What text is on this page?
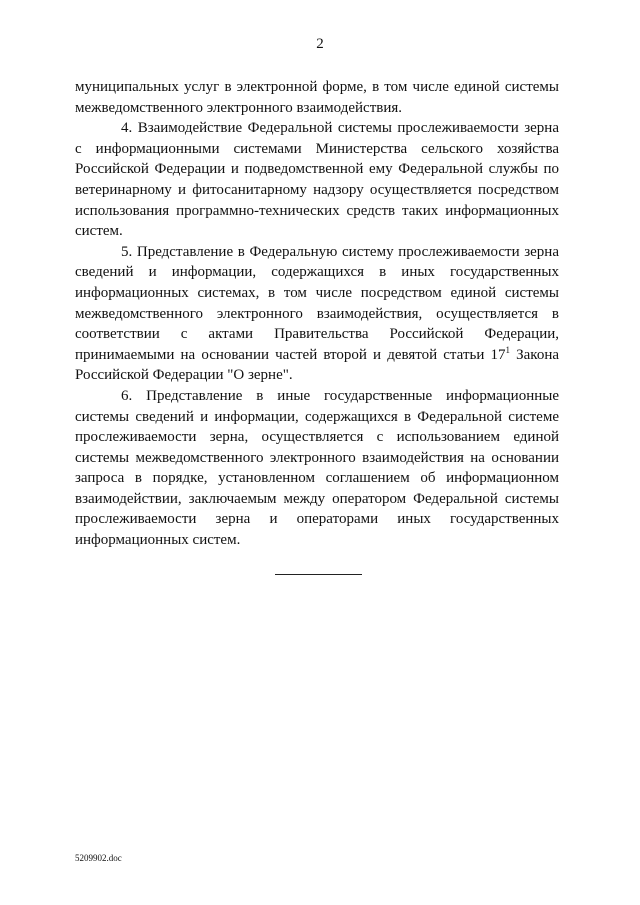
2

муниципальных услуг в электронной форме, в том числе единой системы межведомственного электронного взаимодействия.

4. Взаимодействие Федеральной системы прослеживаемости зерна с информационными системами Министерства сельского хозяйства Российской Федерации и подведомственной ему Федеральной службы по ветеринарному и фитосанитарному надзору осуществляется посредством использования программно-технических средств таких информационных систем.

5. Представление в Федеральную систему прослеживаемости зерна сведений и информации, содержащихся в иных государственных информационных системах, в том числе посредством единой системы межведомственного электронного взаимодействия, осуществляется в соответствии с актами Правительства Российской Федерации, принимаемыми на основании частей второй и девятой статьи $17^1$ Закона Российской Федерации "О зерне".

6. Представление в иные государственные информационные системы сведений и информации, содержащихся в Федеральной системе прослеживаемости зерна, осуществляется с использованием единой системы межведомственного электронного взаимодействия на основании запроса в порядке, установленном соглашением об информационном взаимодействии, заключаемым между оператором Федеральной системы прослеживаемости зерна и операторами иных государственных информационных систем.

5209902.doc
